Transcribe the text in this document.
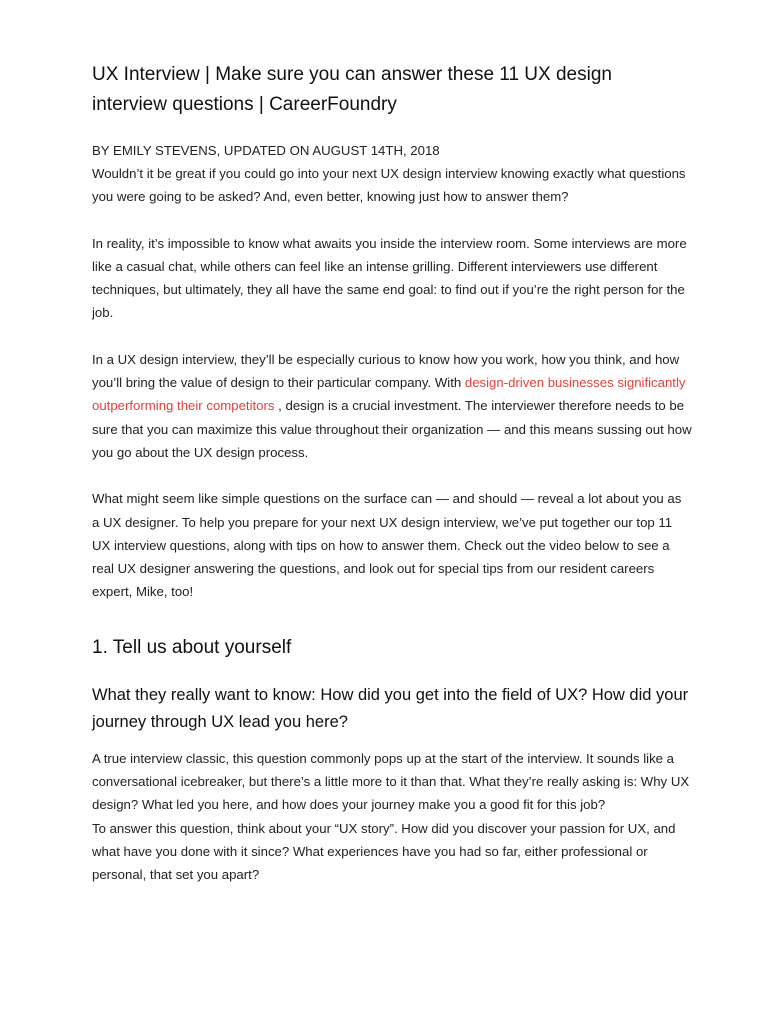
UX Interview | Make sure you can answer these 11 UX design interview questions | CareerFoundry
BY EMILY STEVENS, UPDATED ON AUGUST 14TH, 2018

Wouldn’t it be great if you could go into your next UX design interview knowing exactly what questions you were going to be asked? And, even better, knowing just how to answer them?

In reality, it’s impossible to know what awaits you inside the interview room. Some interviews are more like a casual chat, while others can feel like an intense grilling. Different interviewers use different techniques, but ultimately, they all have the same end goal: to find out if you’re the right person for the job.

In a UX design interview, they’ll be especially curious to know how you work, how you think, and how you’ll bring the value of design to their particular company. With design-driven businesses significantly outperforming their competitors , design is a crucial investment. The interviewer therefore needs to be sure that you can maximize this value throughout their organization — and this means sussing out how you go about the UX design process.

What might seem like simple questions on the surface can — and should — reveal a lot about you as a UX designer. To help you prepare for your next UX design interview, we’ve put together our top 11 UX interview questions, along with tips on how to answer them. Check out the video below to see a real UX designer answering the questions, and look out for special tips from our resident careers expert, Mike, too!

1. Tell us about yourself
What they really want to know: How did you get into the field of UX? How did your journey through UX lead you here?

A true interview classic, this question commonly pops up at the start of the interview. It sounds like a conversational icebreaker, but there’s a little more to it than that. What they’re really asking is: Why UX design? What led you here, and how does your journey make you a good fit for this job?

To answer this question, think about your “UX story”. How did you discover your passion for UX, and what have you done with it since? What experiences have you had so far, either professional or personal, that set you apart?
